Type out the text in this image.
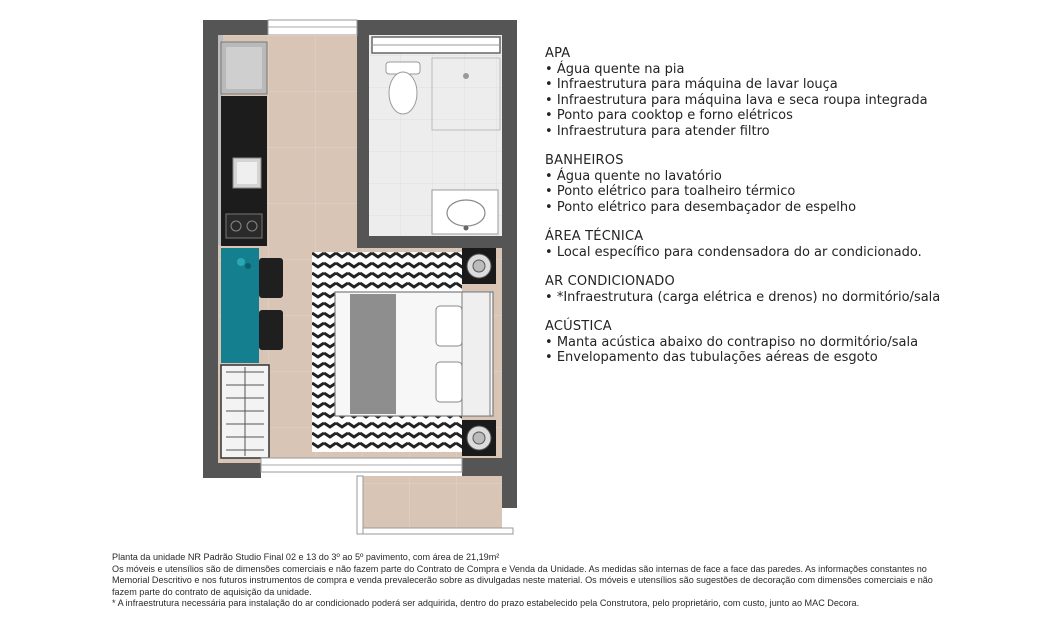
APA
• Água quente na pia
• Infraestrutura para máquina de lavar louça
• Infraestrutura para máquina lava e seca roupa integrada
• Ponto para cooktop e forno elétricos
• Infraestrutura para atender filtro
BANHEIROS
• Água quente no lavatório
• Ponto elétrico para toalheiro térmico
• Ponto elétrico para desembaçador de espelho
ÁREA TÉCNICA
• Local específico para condensadora do ar condicionado.
AR CONDICIONADO
• *Infraestrutura (carga elétrica e drenos) no dormitório/sala
ACÚSTICA
• Manta acústica abaixo do contrapiso no dormitório/sala
• Envelopamento das tubulações aéreas de esgoto

Planta da unidade NR Padrão Studio Final 02 e 13 do 3º ao 5º pavimento, com área de 21,19m²

Os móveis e utensílios são de dimensões comerciais e não fazem parte do Contrato de Compra e Venda da Unidade. As medidas são internas de face a face das paredes. As informações constantes no Memorial Descritivo e nos futuros instrumentos de compra e venda prevalecerão sobre as divulgadas neste material. Os móveis e utensílios são sugestões de decoração com dimensões comerciais e não fazem parte do contrato de aquisição da unidade.

* A infraestrutura necessária para instalação do ar condicionado poderá ser adquirida, dentro do prazo estabelecido pela Construtora, pelo proprietário, com custo, junto ao MAC Decora.
